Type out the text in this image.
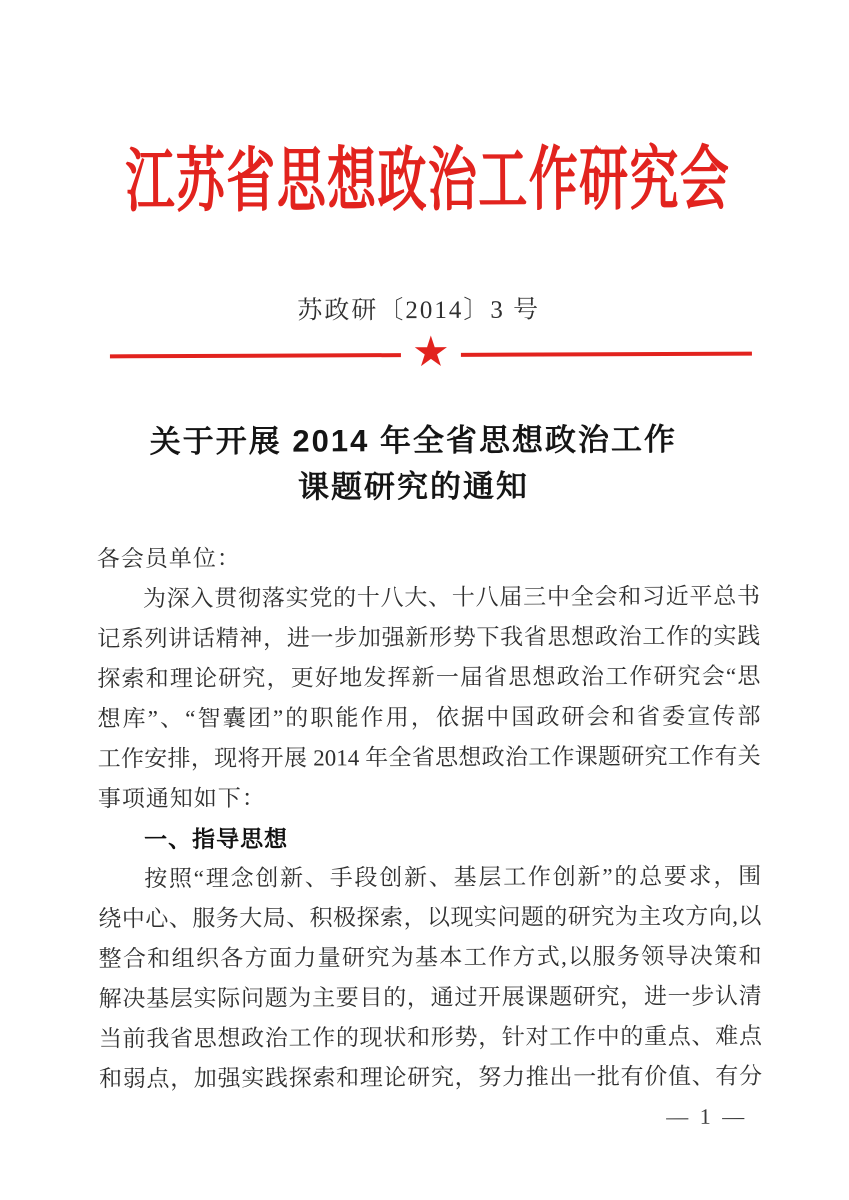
江苏省思想政治工作研究会
苏政研〔2014〕3 号
★
关于开展 2014 年全省思想政治工作
课题研究的通知
各会员单位：
为深入贯彻落实党的十八大、十八届三中全会和习近平总书
记系列讲话精神，进一步加强新形势下我省思想政治工作的实践
探索和理论研究，更好地发挥新一届省思想政治工作研究会“思
想库”、“智囊团”的职能作用，依据中国政研会和省委宣传部
工作安排，现将开展 2014 年全省思想政治工作课题研究工作有关
事项通知如下：
一、指导思想
按照“理念创新、手段创新、基层工作创新”的总要求，围
绕中心、服务大局、积极探索，以现实问题的研究为主攻方向,以
整合和组织各方面力量研究为基本工作方式,以服务领导决策和
解决基层实际问题为主要目的，通过开展课题研究，进一步认清
当前我省思想政治工作的现状和形势，针对工作中的重点、难点
和弱点，加强实践探索和理论研究，努力推出一批有价值、有分
— 1 —
